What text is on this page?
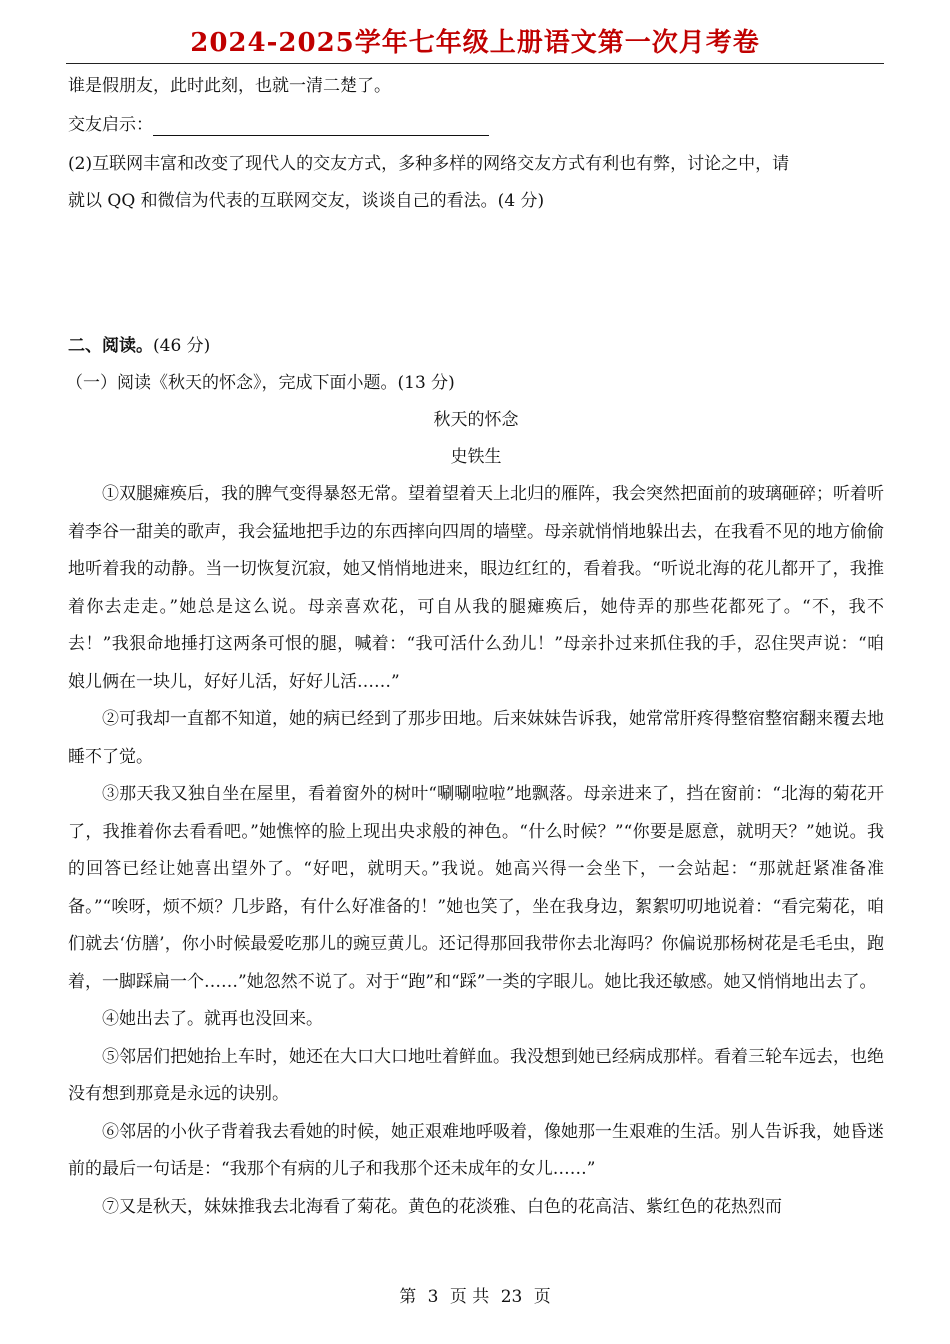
2024-2025学年七年级上册语文第一次月考卷

谁是假朋友，此时此刻，也就一清二楚了。

交友启示：

(2)互联网丰富和改变了现代人的交友方式，多种多样的网络交友方式有利也有弊，讨论之中，请

就以 QQ 和微信为代表的互联网交友，谈谈自己的看法。(4 分)

二、阅读。(46 分)

（一）阅读《秋天的怀念》，完成下面小题。(13 分)

秋天的怀念

史铁生

①双腿瘫痪后，我的脾气变得暴怒无常。望着望着天上北归的雁阵，我会突然把面前的玻璃砸碎；听着听着李谷一甜美的歌声，我会猛地把手边的东西摔向四周的墙壁。母亲就悄悄地躲出去，在我看不见的地方偷偷地听着我的动静。当一切恢复沉寂，她又悄悄地进来，眼边红红的，看着我。“听说北海的花儿都开了，我推着你去走走。”她总是这么说。母亲喜欢花，可自从我的腿瘫痪后，她侍弄的那些花都死了。“不，我不去！”我狠命地捶打这两条可恨的腿，喊着：“我可活什么劲儿！”母亲扑过来抓住我的手，忍住哭声说：“咱娘儿俩在一块儿，好好儿活，好好儿活……”

②可我却一直都不知道，她的病已经到了那步田地。后来妹妹告诉我，她常常肝疼得整宿整宿翻来覆去地睡不了觉。

③那天我又独自坐在屋里，看着窗外的树叶“唰唰啦啦”地飘落。母亲进来了，挡在窗前：“北海的菊花开了，我推着你去看看吧。”她憔悴的脸上现出央求般的神色。“什么时候？”“你要是愿意，就明天？”她说。我的回答已经让她喜出望外了。“好吧，就明天。”我说。她高兴得一会坐下，一会站起：“那就赶紧准备准备。”“唉呀，烦不烦？几步路，有什么好准备的！”她也笑了，坐在我身边，絮絮叨叨地说着：“看完菊花，咱们就去‘仿膳’，你小时候最爱吃那儿的豌豆黄儿。还记得那回我带你去北海吗？你偏说那杨树花是毛毛虫，跑着，一脚踩扁一个……”她忽然不说了。对于“跑”和“踩”一类的字眼儿。她比我还敏感。她又悄悄地出去了。

④她出去了。就再也没回来。

⑤邻居们把她抬上车时，她还在大口大口地吐着鲜血。我没想到她已经病成那样。看着三轮车远去，也绝没有想到那竟是永远的诀别。

⑥邻居的小伙子背着我去看她的时候，她正艰难地呼吸着，像她那一生艰难的生活。别人告诉我，她昏迷前的最后一句话是：“我那个有病的儿子和我那个还未成年的女儿……”

⑦又是秋天，妹妹推我去北海看了菊花。黄色的花淡雅、白色的花高洁、紫红色的花热烈而

第 3 页 共 23 页
